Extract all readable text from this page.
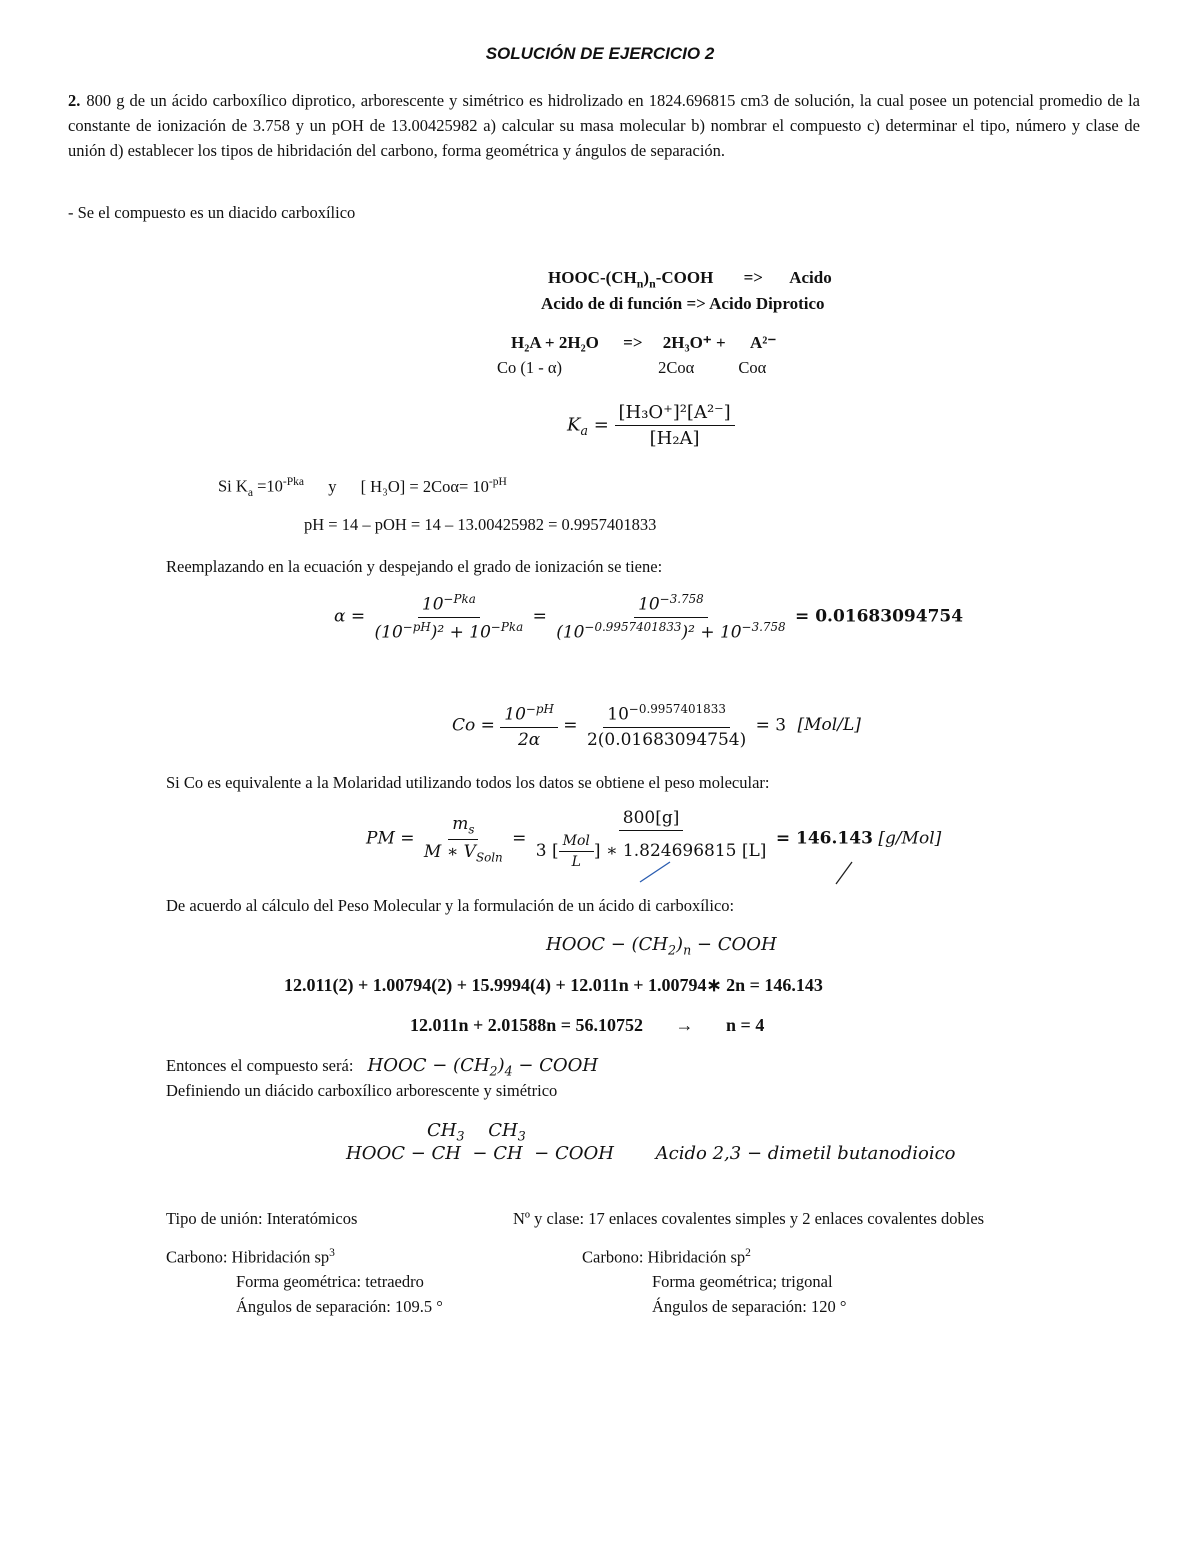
SOLUCIÓN DE EJERCICIO 2
2. 800 g de un ácido carboxílico diprotico, arborescente y simétrico es hidrolizado en 1824.696815 cm3 de solución, la cual posee un potencial promedio de la constante de ionización de 3.758 y un pOH de 13.00425982 a) calcular su masa molecular b) nombrar el compuesto c) determinar el tipo, número y clase de unión d) establecer los tipos de hibridación del carbono, forma geométrica y ángulos de separación.
- Se el compuesto es un diacido carboxílico
HOOC-$(CH_n)_n$-COOH => Acido
Acido de di función => Acido Diprotico
H₂A + 2H₂O => 2H₃O⁺ + A²⁻
Co (1 - α)	2Coα	Coα
$K_a = \frac{\text{[H₃O⁺]²[A²⁻]}}{\text{[H₂A]}}$
Si $K_a =10^{-Pka}$ y [ $H_3O] = 2Co\alpha= 10^{-pH}$
pH = 14 – pOH = 14 – 13.00425982 = 0.9957401833
Reemplazando en la ecuación y despejando el grado de ionización se tiene:
$\alpha = \frac{10^{-Pka}}{(10^{-pH})^2 + 10^{-Pka}} = \frac{10^{-3.758}}{(10^{-0.9957401833})^2 + 10^{-3.758}} = 0.01683094754$
$Co = \frac{10^{-pH}}{2\alpha} = \frac{10^{-0.9957401833}}{2(0.01683094754)} = 3$ [Mol/L]
Si Co es equivalente a la Molaridad utilizando todos los datos se obtiene el peso molecular:
PM = $\frac{m_s}{M ∗ V_{Soln}} = \frac{800[g]}{3 [ \frac{\text{Mol}}{L} ] ∗ 1.824696815 [L]} = 146.143$ [g/Mol]
De acuerdo al cálculo del Peso Molecular y la formulación de un ácido di carboxílico:
HOOC − $(CH_2)_n$ − COOH
12.011(2) + 1.00794(2) + 15.9994(4) + 12.011n + 1.00794∗ 2n = 146.143
12.011n + 2.01588n = 56.10752 → n = 4
Entonces el compuesto será: HOOC − $(CH_2)_4$ − COOH
Definiendo un diácido carboxílico arborescente y simétrico
$CH_3$ $CH_3$
HOOC − CH  − CH  − COOH Acido 2,3 − dimetil butanodioico
Tipo de unión: Interatómicos	Nº y clase: 17 enlaces covalentes simples y 2 enlaces covalentes dobles
Carbono: Hibridación $sp^3$
Forma geométrica: tetraedro
Ángulos de separación: 109.5 °
Carbono: Hibridación $sp^2$
Forma geométrica; trigonal
Ángulos de separación: 120 °
